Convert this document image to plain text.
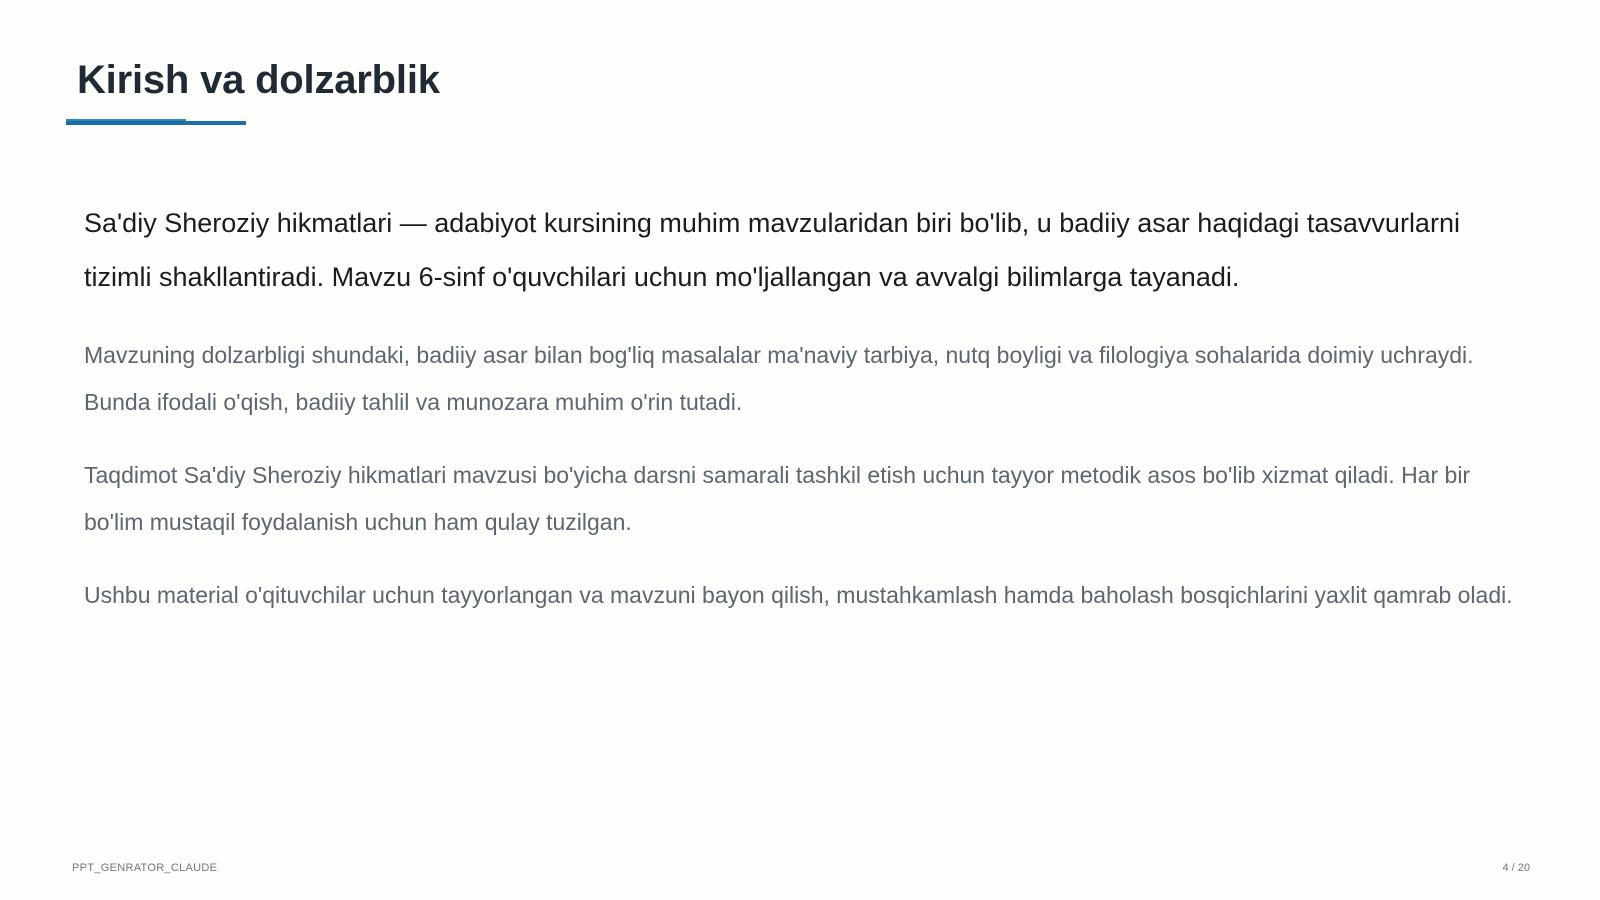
Kirish va dolzarblik

Sa'diy Sheroziy hikmatlari — adabiyot kursining muhim mavzularidan biri bo'lib, u badiiy asar haqidagi tasavvurlarni tizimli shakllantiradi. Mavzu 6-sinf o'quvchilari uchun mo'ljallangan va avvalgi bilimlarga tayanadi.

Mavzuning dolzarbligi shundaki, badiiy asar bilan bog'liq masalalar ma'naviy tarbiya, nutq boyligi va filologiya sohalarida doimiy uchraydi. Bunda ifodali o'qish, badiiy tahlil va munozara muhim o'rin tutadi.

Taqdimot Sa'diy Sheroziy hikmatlari mavzusi bo'yicha darsni samarali tashkil etish uchun tayyor metodik asos bo'lib xizmat qiladi. Har bir bo'lim mustaqil foydalanish uchun ham qulay tuzilgan.

Ushbu material o'qituvchilar uchun tayyorlangan va mavzuni bayon qilish, mustahkamlash hamda baholash bosqichlarini yaxlit qamrab oladi.

PPT_GENRATOR_CLAUDE	4 / 20
